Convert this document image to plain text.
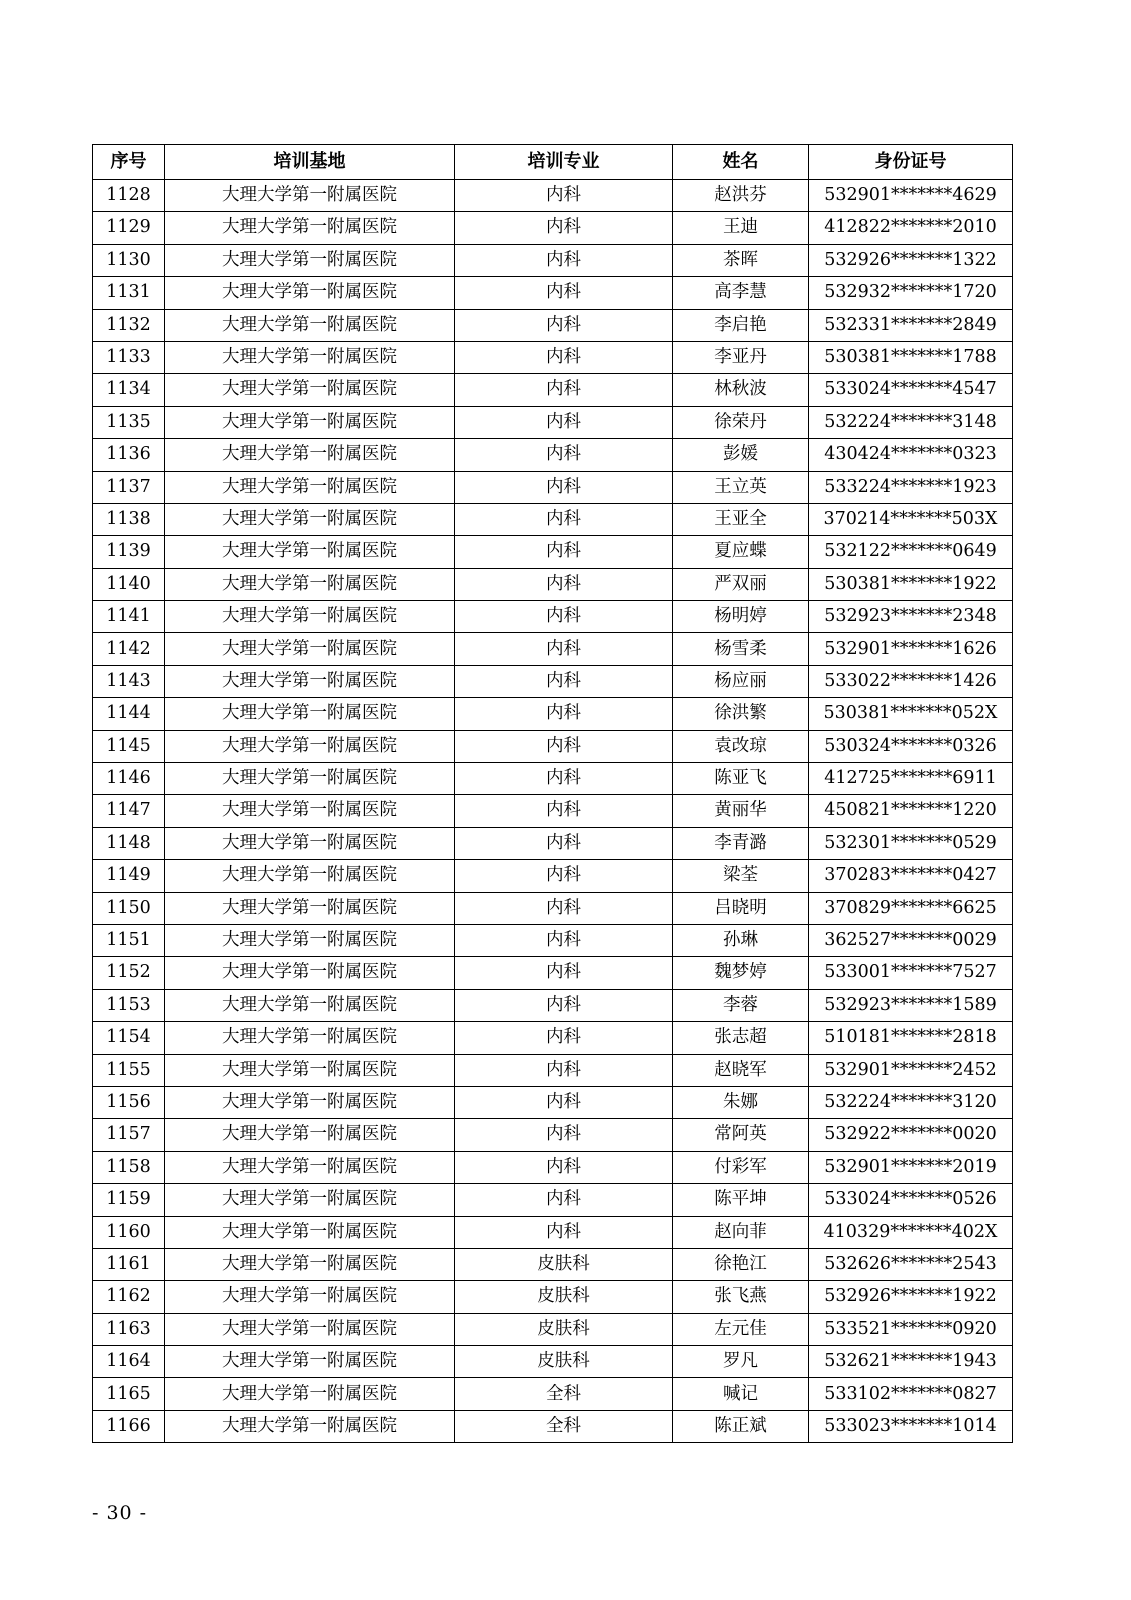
序号	培训基地	培训专业	姓名	身份证号
1128	大理大学第一附属医院	内科	赵洪芬	532901*******4629
1129	大理大学第一附属医院	内科	王迪	412822*******2010
1130	大理大学第一附属医院	内科	茶晖	532926*******1322
1131	大理大学第一附属医院	内科	高李慧	532932*******1720
1132	大理大学第一附属医院	内科	李启艳	532331*******2849
1133	大理大学第一附属医院	内科	李亚丹	530381*******1788
1134	大理大学第一附属医院	内科	林秋波	533024*******4547
1135	大理大学第一附属医院	内科	徐荣丹	532224*******3148
1136	大理大学第一附属医院	内科	彭媛	430424*******0323
1137	大理大学第一附属医院	内科	王立英	533224*******1923
1138	大理大学第一附属医院	内科	王亚全	370214*******503X
1139	大理大学第一附属医院	内科	夏应蝶	532122*******0649
1140	大理大学第一附属医院	内科	严双丽	530381*******1922
1141	大理大学第一附属医院	内科	杨明婷	532923*******2348
1142	大理大学第一附属医院	内科	杨雪柔	532901*******1626
1143	大理大学第一附属医院	内科	杨应丽	533022*******1426
1144	大理大学第一附属医院	内科	徐洪繁	530381*******052X
1145	大理大学第一附属医院	内科	袁改琼	530324*******0326
1146	大理大学第一附属医院	内科	陈亚飞	412725*******6911
1147	大理大学第一附属医院	内科	黄丽华	450821*******1220
1148	大理大学第一附属医院	内科	李青潞	532301*******0529
1149	大理大学第一附属医院	内科	梁荃	370283*******0427
1150	大理大学第一附属医院	内科	吕晓明	370829*******6625
1151	大理大学第一附属医院	内科	孙琳	362527*******0029
1152	大理大学第一附属医院	内科	魏梦婷	533001*******7527
1153	大理大学第一附属医院	内科	李蓉	532923*******1589
1154	大理大学第一附属医院	内科	张志超	510181*******2818
1155	大理大学第一附属医院	内科	赵晓军	532901*******2452
1156	大理大学第一附属医院	内科	朱娜	532224*******3120
1157	大理大学第一附属医院	内科	常阿英	532922*******0020
1158	大理大学第一附属医院	内科	付彩军	532901*******2019
1159	大理大学第一附属医院	内科	陈平坤	533024*******0526
1160	大理大学第一附属医院	内科	赵向菲	410329*******402X
1161	大理大学第一附属医院	皮肤科	徐艳江	532626*******2543
1162	大理大学第一附属医院	皮肤科	张飞燕	532926*******1922
1163	大理大学第一附属医院	皮肤科	左元佳	533521*******0920
1164	大理大学第一附属医院	皮肤科	罗凡	532621*******1943
1165	大理大学第一附属医院	全科	喊记	533102*******0827
1166	大理大学第一附属医院	全科	陈正斌	533023*******1014
- 30 -
